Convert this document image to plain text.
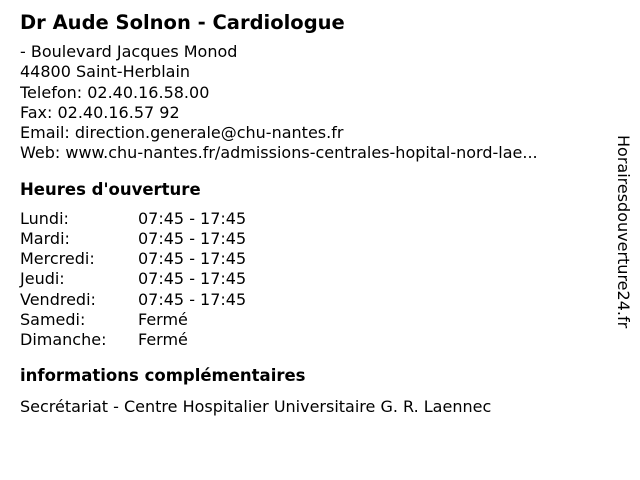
Dr Aude Solnon - Cardiologue
- Boulevard Jacques Monod
44800 Saint-Herblain
Telefon: 02.40.16.58.00
Fax: 02.40.16.57 92
Email: direction.generale@chu-nantes.fr
Web: www.chu-nantes.fr/admissions-centrales-hopital-nord-lae...
Heures d'ouverture
Lundi:	07:45 - 17:45
Mardi:	07:45 - 17:45
Mercredi:	07:45 - 17:45
Jeudi:	07:45 - 17:45
Vendredi:	07:45 - 17:45
Samedi:	Fermé
Dimanche:	Fermé
informations complémentaires
Secrétariat - Centre Hospitalier Universitaire G. R. Laennec
Horairesdouverture24.fr
